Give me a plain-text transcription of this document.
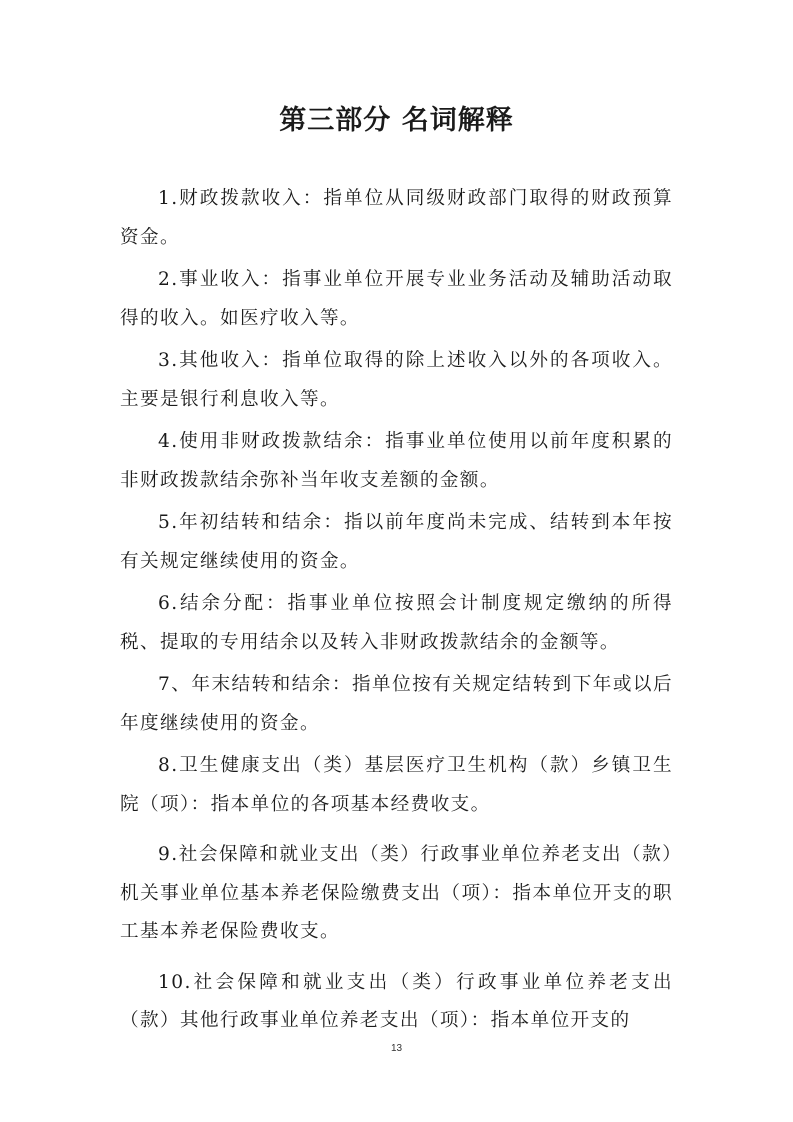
第三部分 名词解释

1.财政拨款收入：指单位从同级财政部门取得的财政预算资金。

2.事业收入：指事业单位开展专业业务活动及辅助活动取得的收入。如医疗收入等。

3.其他收入：指单位取得的除上述收入以外的各项收入。主要是银行利息收入等。

4.使用非财政拨款结余：指事业单位使用以前年度积累的非财政拨款结余弥补当年收支差额的金额。

5.年初结转和结余：指以前年度尚未完成、结转到本年按有关规定继续使用的资金。

6.结余分配：指事业单位按照会计制度规定缴纳的所得税、提取的专用结余以及转入非财政拨款结余的金额等。

7、年末结转和结余：指单位按有关规定结转到下年或以后年度继续使用的资金。

8.卫生健康支出（类）基层医疗卫生机构（款）乡镇卫生院（项）：指本单位的各项基本经费收支。

9.社会保障和就业支出（类）行政事业单位养老支出（款）机关事业单位基本养老保险缴费支出（项）：指本单位开支的职工基本养老保险费收支。

10.社会保障和就业支出（类）行政事业单位养老支出（款）其他行政事业单位养老支出（项）：指本单位开支的

13
